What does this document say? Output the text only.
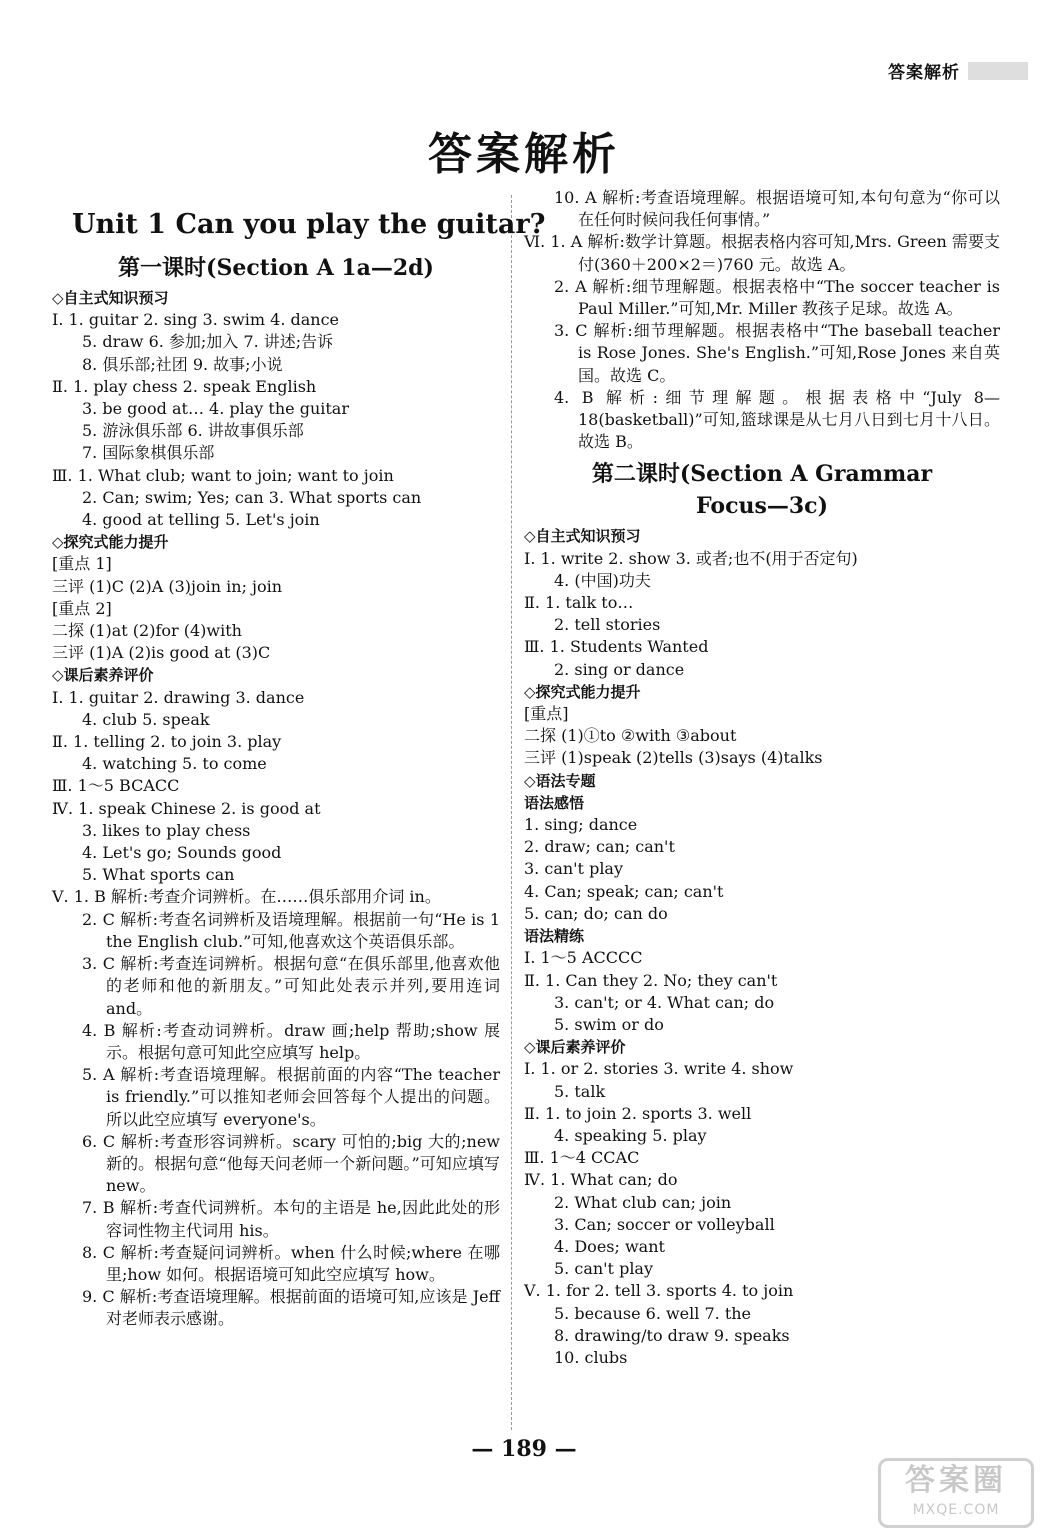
答案解析
答案解析
Unit 1 Can you play the guitar?
第一课时(Section A 1a—2d)
◇自主式知识预习
Ⅰ. 1. guitar 2. sing 3. swim 4. dance
5. draw 6. 参加;加入 7. 讲述;告诉
8. 俱乐部;社团 9. 故事;小说
Ⅱ. 1. play chess 2. speak English
3. be good at… 4. play the guitar
5. 游泳俱乐部 6. 讲故事俱乐部
7. 国际象棋俱乐部
Ⅲ. 1. What club; want to join; want to join
2. Can; swim; Yes; can 3. What sports can
4. good at telling 5. Let's join
◇探究式能力提升
[重点 1]
三评 (1)C (2)A (3)join in; join
[重点 2]
二探 (1)at (2)for (4)with
三评 (1)A (2)is good at (3)C
◇课后素养评价
Ⅰ. 1. guitar 2. drawing 3. dance
4. club 5. speak
Ⅱ. 1. telling 2. to join 3. play
4. watching 5. to come
Ⅲ. 1～5 BCACC
Ⅳ. 1. speak Chinese 2. is good at
3. likes to play chess
4. Let's go; Sounds good
5. What sports can
Ⅴ. 1. B 解析:考查介词辨析。在……俱乐部用介词 in。
2. C 解析:考查名词辨析及语境理解。根据前一句“He is 1 the English club.”可知,他喜欢这个英语俱乐部。
3. C 解析:考查连词辨析。根据句意“在俱乐部里,他喜欢他的老师和他的新朋友。”可知此处表示并列,要用连词 and。
4. B 解析:考查动词辨析。draw 画;help 帮助;show 展示。根据句意可知此空应填写 help。
5. A 解析:考查语境理解。根据前面的内容“The teacher is friendly.”可以推知老师会回答每个人提出的问题。所以此空应填写 everyone's。
6. C 解析:考查形容词辨析。scary 可怕的;big 大的;new 新的。根据句意“他每天问老师一个新问题。”可知应填写 new。
7. B 解析:考查代词辨析。本句的主语是 he,因此此处的形容词性物主代词用 his。
8. C 解析:考查疑问词辨析。when 什么时候;where 在哪里;how 如何。根据语境可知此空应填写 how。
9. C 解析:考查语境理解。根据前面的语境可知,应该是 Jeff 对老师表示感谢。
10. A 解析:考查语境理解。根据语境可知,本句句意为“你可以在任何时候问我任何事情。”
Ⅵ. 1. A 解析:数学计算题。根据表格内容可知,Mrs. Green 需要支付(360＋200×2＝)760 元。故选 A。
2. A 解析:细节理解题。根据表格中“The soccer teacher is Paul Miller.”可知,Mr. Miller 教孩子足球。故选 A。
3. C 解析:细节理解题。根据表格中“The baseball teacher is Rose Jones. She's English.”可知,Rose Jones 来自英国。故选 C。
4. B 解析:细节理解题。根据表格中“July 8—18(basketball)”可知,篮球课是从七月八日到七月十八日。故选 B。
第二课时(Section A Grammar
Focus—3c)
◇自主式知识预习
Ⅰ. 1. write 2. show 3. 或者;也不(用于否定句)
4. (中国)功夫
Ⅱ. 1. talk to…
2. tell stories
Ⅲ. 1. Students Wanted
2. sing or dance
◇探究式能力提升
[重点]
二探 (1)①to ②with ③about
三评 (1)speak (2)tells (3)says (4)talks
◇语法专题
语法感悟
1. sing; dance
2. draw; can; can't
3. can't play
4. Can; speak; can; can't
5. can; do; can do
语法精练
Ⅰ. 1～5 ACCCC
Ⅱ. 1. Can they 2. No; they can't
3. can't; or 4. What can; do
5. swim or do
◇课后素养评价
Ⅰ. 1. or 2. stories 3. write 4. show
5. talk
Ⅱ. 1. to join 2. sports 3. well
4. speaking 5. play
Ⅲ. 1～4 CCAC
Ⅳ. 1. What can; do
2. What club can; join
3. Can; soccer or volleyball
4. Does; want
5. can't play
Ⅴ. 1. for 2. tell 3. sports 4. to join
5. because 6. well 7. the
8. drawing/to draw 9. speaks
10. clubs
— 189 —
答案圈
MXQE.COM
